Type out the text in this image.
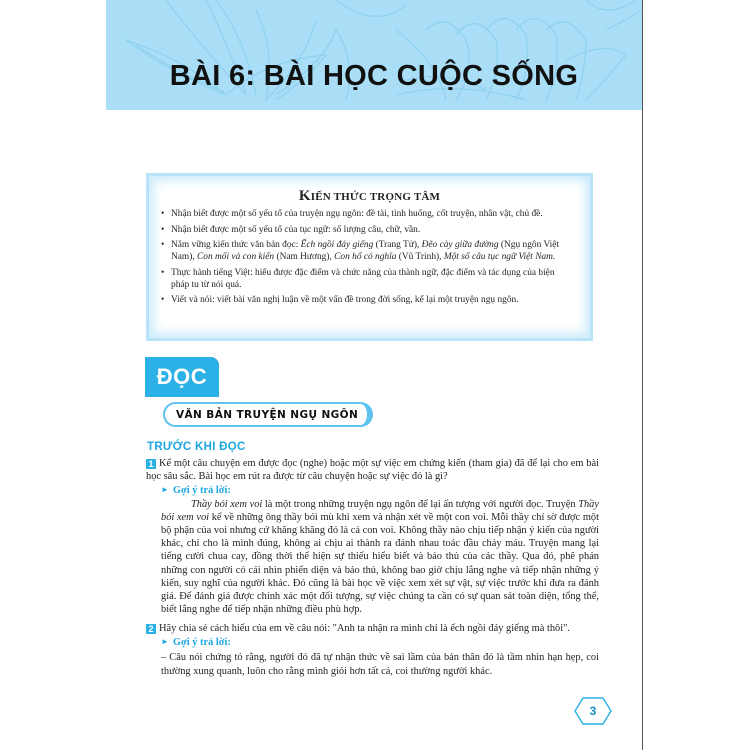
BÀI 6: BÀI HỌC CUỘC SỐNG
KIẾN THỨC TRỌNG TÂM
• Nhận biết được một số yếu tố của truyện ngụ ngôn: đề tài, tình huống, cốt truyện, nhân vật, chủ đề.
• Nhận biết được một số yếu tố của tục ngữ: số lượng câu, chữ, vần.
• Nắm vững kiến thức văn bản đọc: Ếch ngồi đáy giếng (Trang Tử), Đẽo cày giữa đường (Ngụ ngôn Việt Nam), Con mối và con kiến (Nam Hương), Con hổ có nghĩa (Vũ Trinh), Một số câu tục ngữ Việt Nam.
• Thực hành tiếng Việt: hiểu được đặc điểm và chức năng của thành ngữ, đặc điểm và tác dụng của biện pháp tu từ nói quá.
• Viết và nói: viết bài văn nghị luận về một vấn đề trong đời sống, kể lại một truyện ngụ ngôn.
ĐỌC
VĂN BẢN TRUYỆN NGỤ NGÔN
TRƯỚC KHI ĐỌC
1 Kể một câu chuyện em được đọc (nghe) hoặc một sự việc em chứng kiến (tham gia) đã để lại cho em bài học sâu sắc. Bài học em rút ra được từ câu chuyện hoặc sự việc đó là gì?
► Gợi ý trả lời:
Thầy bói xem voi là một trong những truyện ngụ ngôn để lại ấn tượng với người đọc. Truyện Thầy bói xem voi kể về những ông thầy bói mù khi xem và nhận xét về một con voi. Mỗi thầy chỉ sờ được một bộ phận của voi nhưng cứ khăng khăng đó là cả con voi. Không thầy nào chịu tiếp nhận ý kiến của người khác, chỉ cho là mình đúng, không ai chịu ai thành ra đánh nhau toác đầu chảy máu. Truyện mang lại tiếng cười chua cay, đồng thời thể hiện sự thiếu hiểu biết và bảo thủ của các thầy. Qua đó, phê phán những con người có cái nhìn phiến diện và bảo thủ, không bao giờ chịu lắng nghe và tiếp nhận những ý kiến, suy nghĩ của người khác. Đó cũng là bài học về việc xem xét sự vật, sự việc trước khi đưa ra đánh giá. Để đánh giá được chính xác một đối tượng, sự việc chúng ta cần có sự quan sát toàn diện, tổng thể, biết lắng nghe để tiếp nhận những điều phù hợp.
2 Hãy chia sẻ cách hiểu của em về câu nói: "Anh ta nhận ra mình chỉ là ếch ngồi đáy giếng mà thôi".
► Gợi ý trả lời:
– Câu nói chứng tỏ rằng, người đó đã tự nhận thức về sai lầm của bản thân đó là tầm nhìn hạn hẹp, coi thường xung quanh, luôn cho rằng mình giỏi hơn tất cả, coi thường người khác.
3
